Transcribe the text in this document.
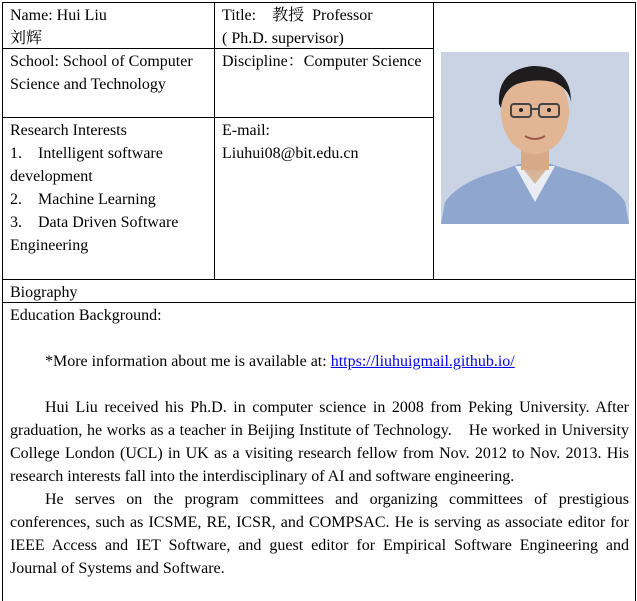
Name: Hui Liu
刘辉
Title:　教授  Professor
( Ph.D. supervisor)
School: School of Computer Science and Technology
Discipline：Computer Science
Research Interests
1. Intelligent software development
2. Machine Learning
3. Data Driven Software Engineering
E-mail:
Liuhui08@bit.edu.cn
Biography
Education Background:
*More information about me is available at: https://liuhuigmail.github.io/

Hui Liu received his Ph.D. in computer science in 2008 from Peking University. After graduation, he works as a teacher in Beijing Institute of Technology.　He worked in University College London (UCL) in UK as a visiting research fellow from Nov. 2012 to Nov. 2013. His research interests fall into the interdisciplinary of AI and software engineering.

He serves on the program committees and organizing committees of prestigious conferences, such as ICSME, RE, ICSR, and COMPSAC. He is serving as associate editor for IEEE Access and IET Software, and guest editor for Empirical Software Engineering and Journal of Systems and Software.
